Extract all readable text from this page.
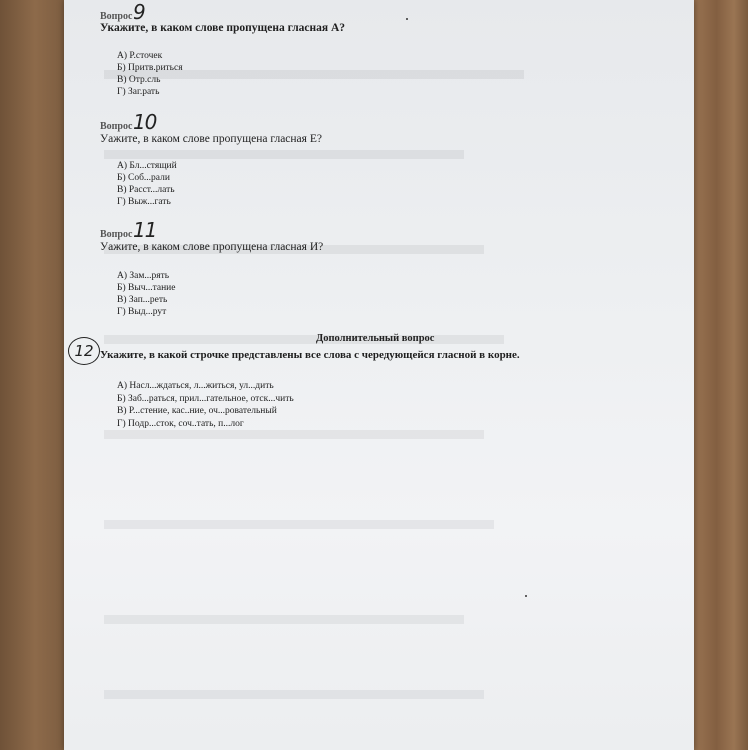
Вопрос 9
Укажите, в каком слове пропущена гласная А?
А) Р.сточек
Б) Притв.риться
В) Отр.сль
Г) Заг.рать
Вопрос 10
Уажите, в каком слове пропущена гласная Е?
А) Бл...стящий
Б) Соб...рали
В) Расст...лать
Г) Выж...гать
Вопрос 11
Уажите, в каком слове пропущена гласная И?
А) Зам...рять
Б) Выч...тание
В) Зап...реть
Г) Выд...рут
Дополнительный вопрос
12 Укажите, в какой строчке представлены все слова с чередующейся гласной в корне.
А) Насл...ждаться, л...житься, ул...дить
Б) Заб...раться, прил...гательное, отск...чить
В) Р...стение, кас..ние, оч...ровательный
Г) Подр...сток, соч..тать, п...лог
